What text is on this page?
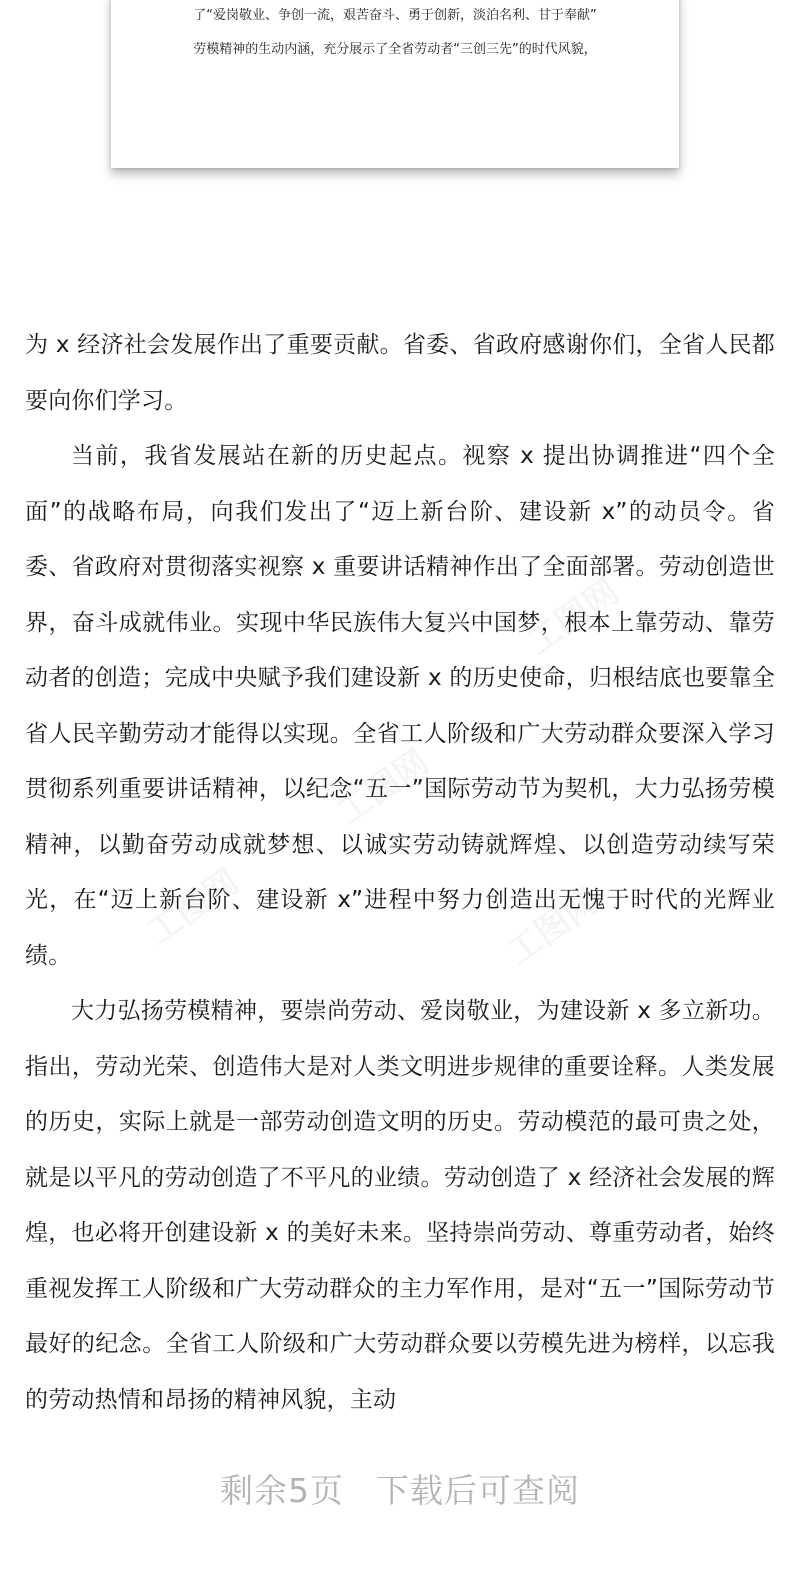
了“爱岗敬业、争创一流，艰苦奋斗、勇于创新，淡泊名利、甘于奉献”
劳模精神的生动内涵，充分展示了全省劳动者“三创三先”的时代风貌，

为 x 经济社会发展作出了重要贡献。省委、省政府感谢你们，全省人民都要向你们学习。

当前，我省发展站在新的历史起点。视察 x 提出协调推进“四个全面”的战略布局，向我们发出了“迈上新台阶、建设新 x”的动员令。省委、省政府对贯彻落实视察 x 重要讲话精神作出了全面部署。劳动创造世界，奋斗成就伟业。实现中华民族伟大复兴中国梦，根本上靠劳动、靠劳动者的创造；完成中央赋予我们建设新 x 的历史使命，归根结底也要靠全省人民辛勤劳动才能得以实现。全省工人阶级和广大劳动群众要深入学习贯彻系列重要讲话精神，以纪念“五一”国际劳动节为契机，大力弘扬劳模精神，以勤奋劳动成就梦想、以诚实劳动铸就辉煌、以创造劳动续写荣光，在“迈上新台阶、建设新 x”进程中努力创造出无愧于时代的光辉业绩。

大力弘扬劳模精神，要崇尚劳动、爱岗敬业，为建设新 x 多立新功。指出，劳动光荣、创造伟大是对人类文明进步规律的重要诠释。人类发展的历史，实际上就是一部劳动创造文明的历史。劳动模范的最可贵之处，就是以平凡的劳动创造了不平凡的业绩。劳动创造了 x 经济社会发展的辉煌，也必将开创建设新 x 的美好未来。坚持崇尚劳动、尊重劳动者，始终重视发挥工人阶级和广大劳动群众的主力军作用，是对“五一”国际劳动节最好的纪念。全省工人阶级和广大劳动群众要以劳模先进为榜样，以忘我的劳动热情和昂扬的精神风貌，主动

剩余5页 下载后可查阅
